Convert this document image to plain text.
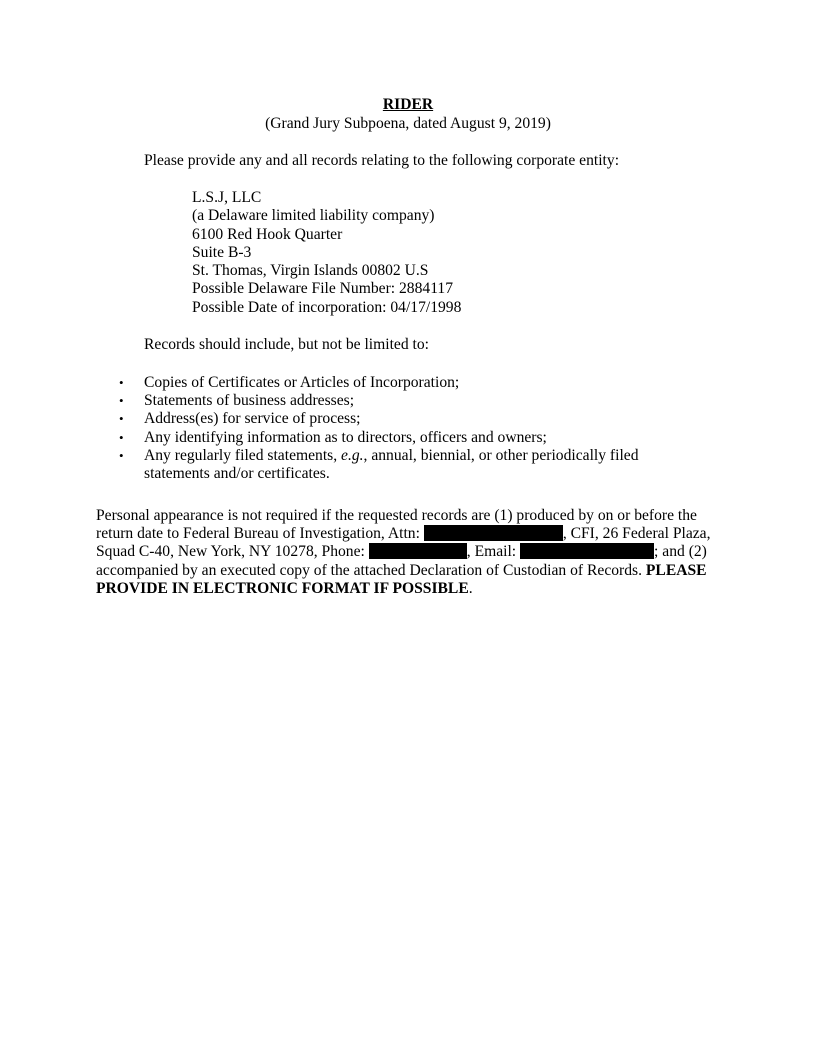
RIDER
(Grand Jury Subpoena, dated August 9, 2019)
Please provide any and all records relating to the following corporate entity:
L.S.J, LLC
(a Delaware limited liability company)
6100 Red Hook Quarter
Suite B-3
St. Thomas, Virgin Islands 00802 U.S
Possible Delaware File Number: 2884117
Possible Date of incorporation: 04/17/1998
Records should include, but not be limited to:
• Copies of Certificates or Articles of Incorporation;
• Statements of business addresses;
• Address(es) for service of process;
• Any identifying information as to directors, officers and owners;
• Any regularly filed statements, e.g., annual, biennial, or other periodically filed statements and/or certificates.
Personal appearance is not required if the requested records are (1) produced by on or before the return date to Federal Bureau of Investigation, Attn:	, CFI, 26 Federal Plaza, Squad C-40, New York, NY 10278, Phone:	, Email:	; and (2) accompanied by an executed copy of the attached Declaration of Custodian of Records. PLEASE PROVIDE IN ELECTRONIC FORMAT IF POSSIBLE.
